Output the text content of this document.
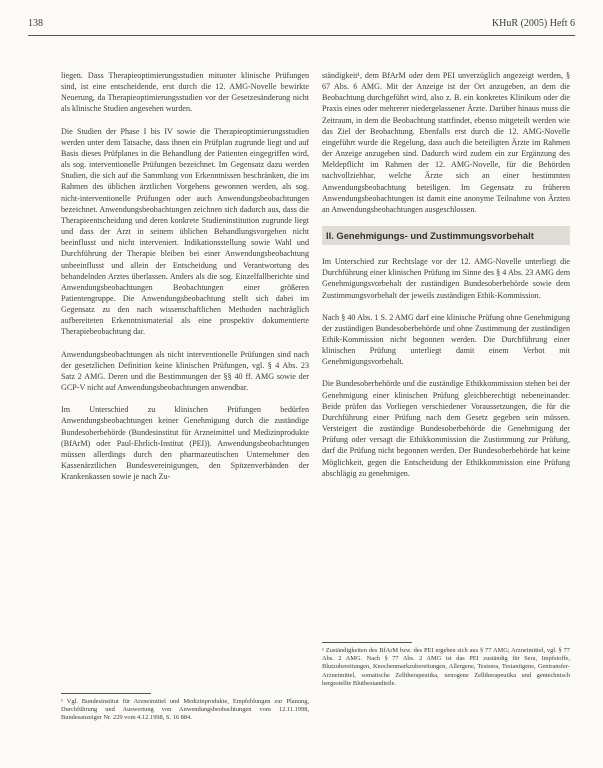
138	KHuR (2005) Heft 6

liegen. Dass Therapieoptimierungsstudien mitunter klinische Prüfungen sind, ist eine entscheidende, erst durch die 12. AMG-Novelle bewirkte Neuerung, da Therapieoptimierungsstudien vor der Gesetzesänderung nicht als klinische Studien angesehen wurden.

Die Studien der Phase I bis IV sowie die Therapieoptimierungsstudien werden unter dem Tatsache, dass ihnen ein Prüfplan zugrunde liegt und auf Basis dieses Prüfplanes in die Behandlung der Patienten eingegriffen wird, als sog. interventionelle Prüfungen bezeichnet. Im Gegensatz dazu werden Studien, die sich auf die Sammlung von Erkenntnissen beschränken, die im Rahmen des üblichen ärztlichen Vorgehens gewonnen werden, als sog. nicht-interventionelle Prüfungen oder auch Anwendungsbeobachtungen bezeichnet. Anwendungsbeobachtungen zeichnen sich dadurch aus, dass die Therapieentscheidung und deren konkrete Studieninstitution zugrunde liegt und dass der Arzt in seinem üblichen Behandlungsvorgehen nicht beeinflusst und nicht interveniert. Indikationsstellung sowie Wahl und Durchführung der Therapie bleiben bei einer Anwendungsbeobachtung unbeeinflusst und allein der Entscheidung und Verantwortung des behandelnden Arztes überlassen. Anders als die sog. Einzelfallberichte sind Anwendungsbeobachtungen Beobachtungen einer größeren Patientengruppe. Die Anwendungsbeobachtung stellt sich dabei im Gegensatz zu den nach wissenschaftlichen Methoden nachträglich aufbereiteten Erkenntnismaterial als eine prospektiv dokumentierte Therapiebeobachtung dar.

Anwendungsbeobachtungen als nicht interventionelle Prüfungen sind nach der gesetzlichen Definition keine klinischen Prüfungen, vgl. § 4 Abs. 23 Satz 2 AMG. Deren und die Bestimmungen der §§ 40 ff. AMG sowie der GCP-V nicht auf Anwendungsbeobachtungen anwendbar.

Im Unterschied zu klinischen Prüfungen bedürfen Anwendungsbeobachtungen keiner Genehmigung durch die zuständige Bundesoberbehörde (Bundesinstitut für Arzneimittel und Medizinprodukte (BfArM) oder Paul-Ehrlich-Institut (PEI)). Anwendungsbeobachtungen müssen allerdings durch den pharmazeutischen Unternehmer den Kassenärztlichen Bundesvereinigungen, den Spitzenverbänden der Krankenkassen sowie je nach Zu-

¹ Vgl. Bundesinstitut für Arzneimittel und Medizinprodukte, Empfehlungen zur Planung, Durchführung und Auswertung von Anwendungsbeobachtungen vom 12.11.1998, Bundesanzeiger Nr. 229 vom 4.12.1998, S. 16 884.

ständigkeit¹, dem BfArM oder dem PEI unverzüglich angezeigt werden, § 67 Abs. 6 AMG. Mit der Anzeige ist der Ort anzugeben, an dem die Beobachtung durchgeführt wird, also z. B. ein konkretes Klinikum oder die Praxis eines oder mehrerer niedergelassener Ärzte. Darüber hinaus muss die Zeitraum, in dem die Beobachtung stattfindet, ebenso mitgeteilt werden wie das Ziel der Beobachtung. Ebenfalls erst durch die 12. AMG-Novelle eingeführt wurde die Regelung, dass auch die beteiligten Ärzte im Rahmen der Anzeige anzugeben sind. Dadurch wird zudem ein zur Ergänzung des Meldepflicht im Rahmen der 12. AMG-Novelle, für die Behörden nachvollziehbar, welche Ärzte sich an einer bestimmten Anwendungsbeobachtung beteiligen. Im Gegensatz zu früheren Anwendungsbeobachtungen ist damit eine anonyme Teilnahme von Ärzten an Anwendungsbeobachtungen ausgeschlossen.

II. Genehmigungs- und Zustimmungsvorbehalt

Im Unterschied zur Rechtslage vor der 12. AMG-Novelle unterliegt die Durchführung einer klinischen Prüfung im Sinne des § 4 Abs. 23 AMG dem Genehmigungsvorbehalt der zuständigen Bundesoberbehörde sowie dem Zustimmungsvorbehalt der jeweils zuständigen Ethik-Kommission.

Nach § 40 Abs. 1 S. 2 AMG darf eine klinische Prüfung ohne Genehmigung der zuständigen Bundesoberbehörde und ohne Zustimmung der zuständigen Ethik-Kommission nicht begonnen werden. Die Durchführung einer klinischen Prüfung unterliegt damit einem Verbot mit Genehmigungsvorbehalt.

Die Bundesoberbehörde und die zuständige Ethikkommission stehen bei der Genehmigung einer klinischen Prüfung gleichberechtigt nebeneinander. Beide prüfen das Vorliegen verschiedener Voraussetzungen, die für die Durchführung einer Prüfung nach dem Gesetz gegeben sein müssen. Versteigert die zuständige Bundesoberbehörde die Genehmigung der Prüfung oder versagt die Ethikkommission die Zustimmung zur Prüfung, darf die Prüfung nicht begonnen werden. Der Bundesoberbehörde hat keine Möglichkeit, gegen die Entscheidung der Ethikkommission eine Prüfung abschlägig zu genehmigen.

¹ Zuständigkeiten des BfArM bzw. des PEI ergeben sich aus § 77 AMG; Arzneimittel, vgl. § 77 Abs. 2 AMG. Nach § 77 Abs. 2 AMG ist das PEI zuständig für Sera, Impfstoffe, Blutzubereitungen, Knochenmarkzubereitungen, Allergene, Testsera, Testantigene, Gentransfer-Arzneimittel, somatische Zelltherapeutika, xenogene Zelltherapeutika und gentechnisch hergestellte Blutbestandteile.
